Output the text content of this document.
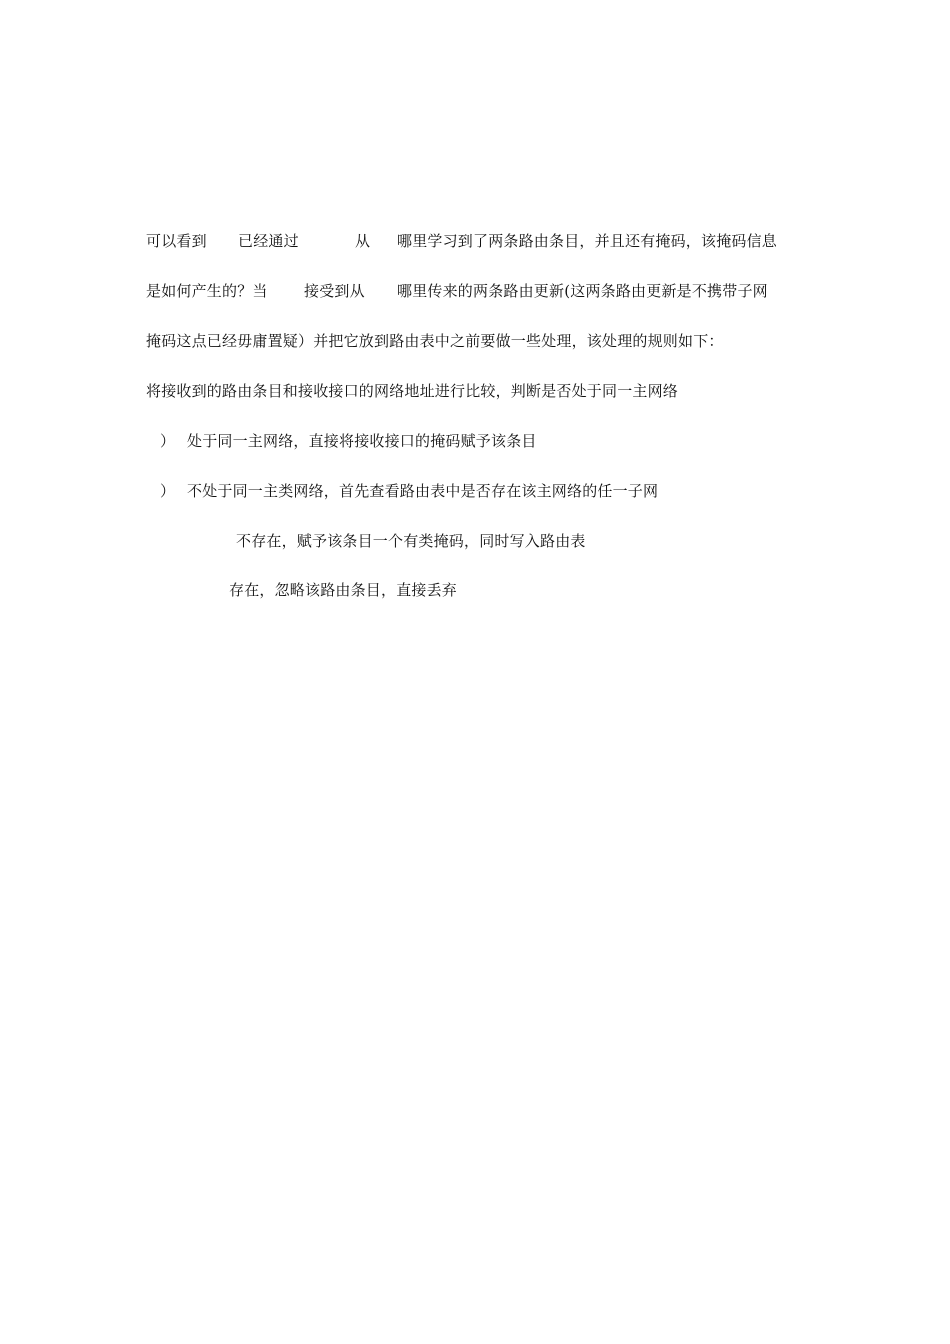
可以看到 已经通过	从 哪里学习到了两条路由条目，并且还有掩码，该掩码信息
是如何产生的？当 接受到从 哪里传来的两条路由更新(这两条路由更新是不携带子网
掩码这点已经毋庸置疑）并把它放到路由表中之前要做一些处理，该处理的规则如下：
将接收到的路由条目和接收接口的网络地址进行比较，判断是否处于同一主网络
） 处于同一主网络，直接将接收接口的掩码赋予该条目
） 不处于同一主类网络，首先查看路由表中是否存在该主网络的任一子网
不存在，赋予该条目一个有类掩码，同时写入路由表
存在，忽略该路由条目，直接丢弃
